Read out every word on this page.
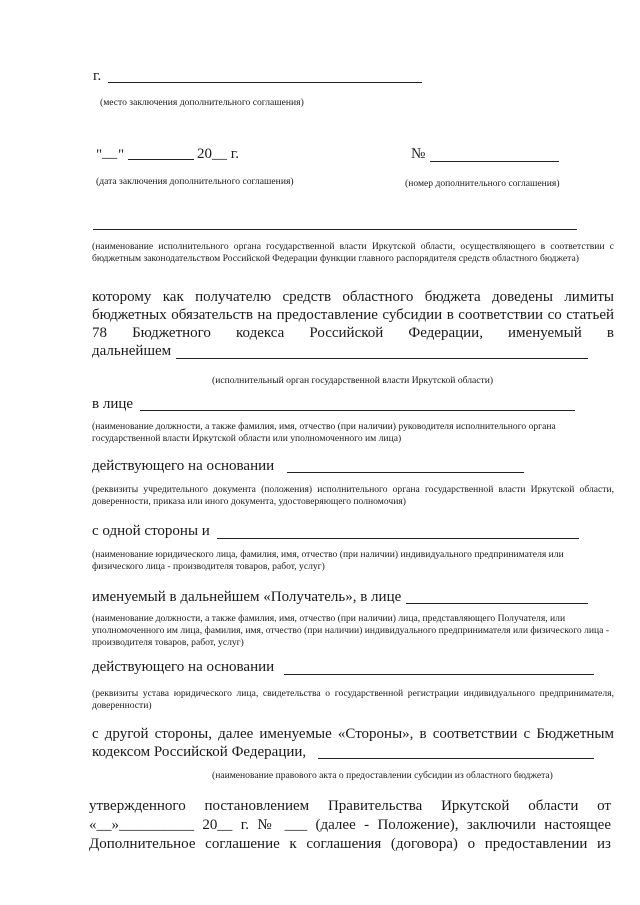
г.
(место заключения дополнительного соглашения)
" __ "	20__ г.	№
(дата заключения дополнительного соглашения)	(номер дополнительного соглашения)
(наименование исполнительного органа государственной власти Иркутской области, осуществляющего в соответствии с бюджетным законодательством Российской Федерации функции главного распорядителя средств областного бюджета)
которому как получателю средств областного бюджета доведены лимиты
бюджетных обязательств на предоставление субсидии в соответствии со статьей
78 Бюджетного кодекса Российской Федерации, именуемый в
дальнейшем
(исполнительный орган государственной власти Иркутской области)
в лице
(наименование должности, а также фамилия, имя, отчество (при наличии) руководителя исполнительного органа государственной власти Иркутской области или уполномоченного им лица)
действующего на основании
(реквизиты учредительного документа (положения) исполнительного органа государственной власти Иркутской области, доверенности, приказа или иного документа, удостоверяющего полномочия)
с одной стороны и
(наименование юридического лица, фамилия, имя, отчество (при наличии) индивидуального предпринимателя или физического лица - производителя товаров, работ, услуг)
именуемый в дальнейшем «Получатель», в лице
(наименование должности, а также фамилия, имя, отчество (при наличии) лица, представляющего Получателя, или уполномоченного им лица, фамилия, имя, отчество (при наличии) индивидуального предпринимателя или физического лица - производителя товаров, работ, услуг)
действующего на основании
(реквизиты устава юридического лица, свидетельства о государственной регистрации индивидуального предпринимателя, доверенности)
с другой стороны, далее именуемые «Стороны», в соответствии с Бюджетным
кодексом Российской Федерации,
(наименование правового акта о предоставлении субсидии из областного бюджета)
утвержденного постановлением Правительства Иркутской области от
«__»__________ 20__ г. № ___ (далее - Положение), заключили настоящее
Дополнительное соглашение к соглашения (договора) о предоставлении из
